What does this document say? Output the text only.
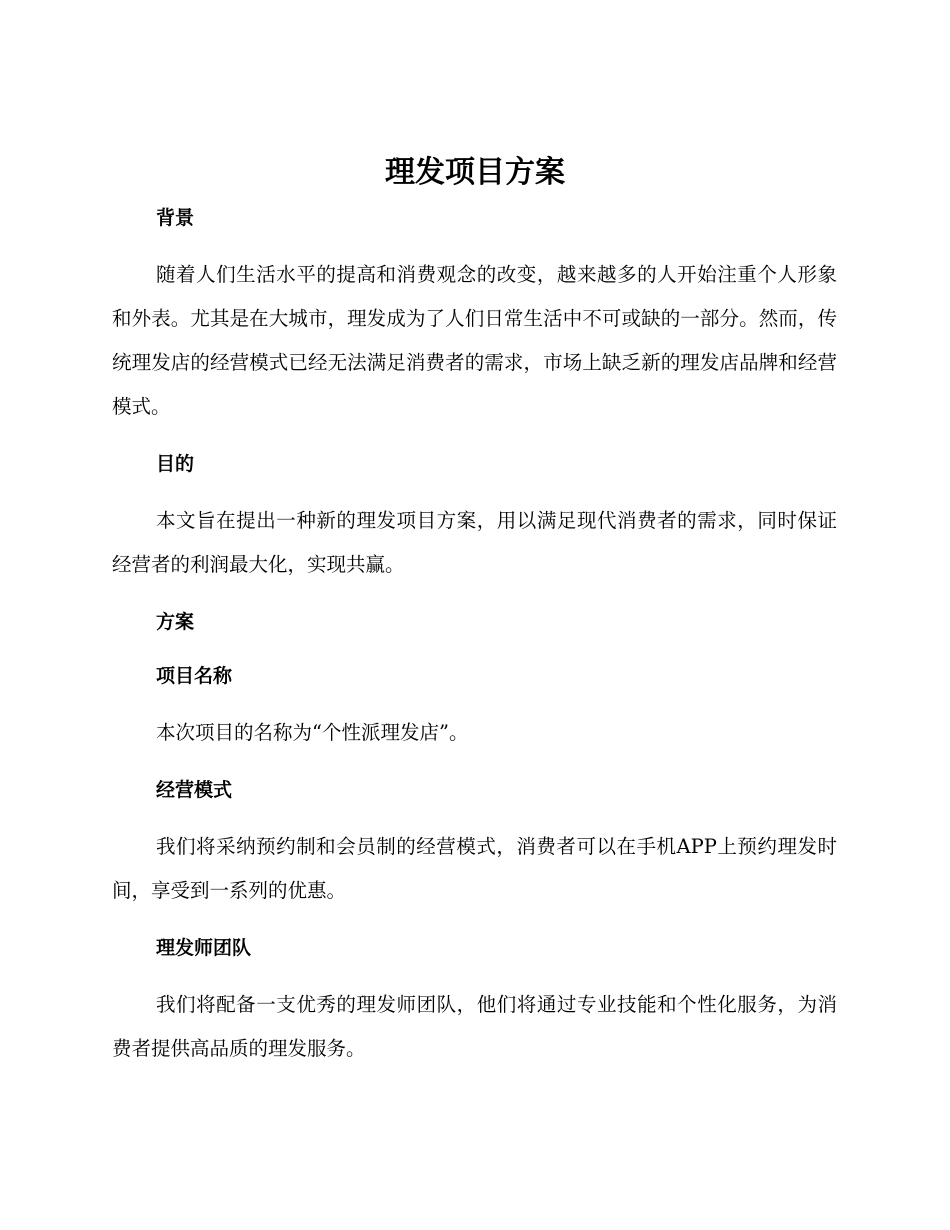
理发项目方案
背景

随着人们生活水平的提高和消费观念的改变，越来越多的人开始注重个人形象和外表。尤其是在大城市，理发成为了人们日常生活中不可或缺的一部分。然而，传统理发店的经营模式已经无法满足消费者的需求，市场上缺乏新的理发店品牌和经营模式。

目的

本文旨在提出一种新的理发项目方案，用以满足现代消费者的需求，同时保证经营者的利润最大化，实现共赢。

方案
项目名称

本次项目的名称为“个性派理发店”。

经营模式

我们将采纳预约制和会员制的经营模式，消费者可以在手机APP上预约理发时间，享受到一系列的优惠。

理发师团队

我们将配备一支优秀的理发师团队，他们将通过专业技能和个性化服务，为消费者提供高品质的理发服务。
